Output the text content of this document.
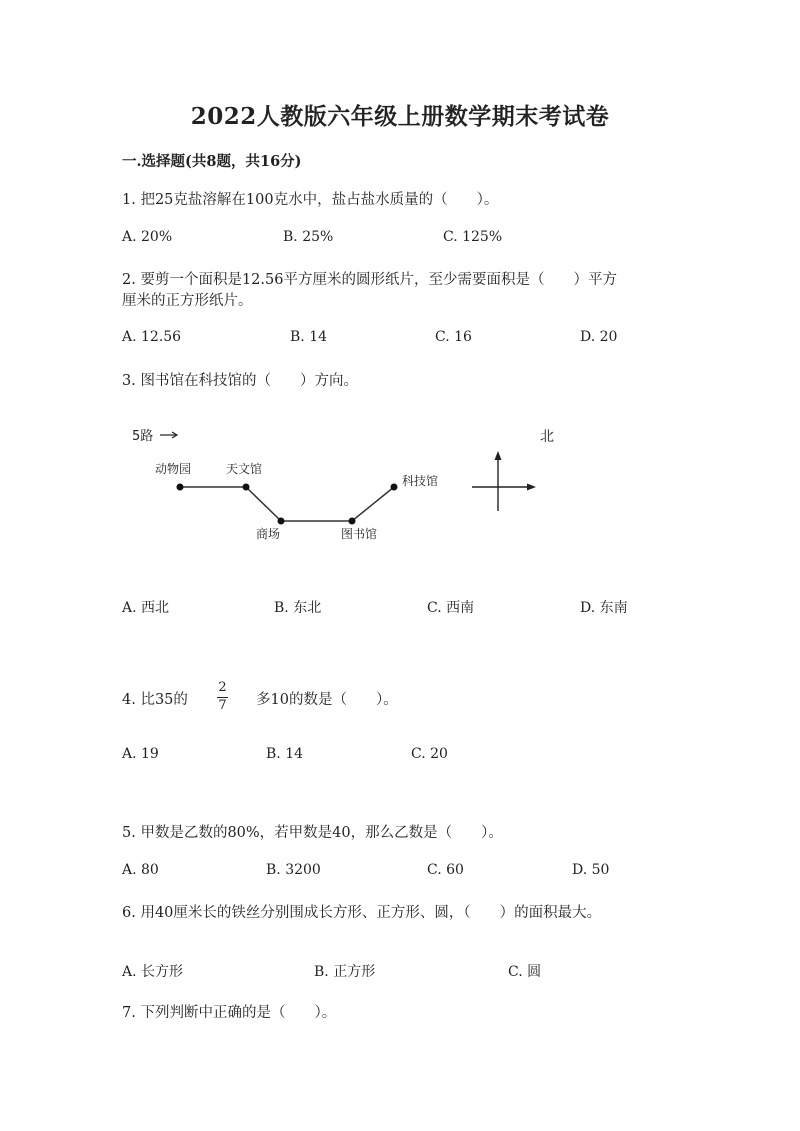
2022人教版六年级上册数学期末考试卷
一.选择题(共8题，共16分)
1. 把25克盐溶解在100克水中，盐占盐水质量的（　　）。
A. 20%	B. 25%	C. 125%
2. 要剪一个面积是12.56平方厘米的圆形纸片，至少需要面积是（　　）平方
厘米的正方形纸片。
A. 12.56	B. 14	C. 16	D. 20
3. 图书馆在科技馆的（　　）方向。
5路
动物园	天文馆
商场	图书馆
科技馆
北
A. 西北	B. 东北	C. 西南	D. 东南
4. 比35的
2
7 多10的数是（　　）。
A. 19	B. 14	C. 20
5. 甲数是乙数的80%，若甲数是40，那么乙数是（　　）。
A. 80	B. 3200	C. 60	D. 50
6. 用40厘米长的铁丝分别围成长方形、正方形、圆，（　　）的面积最大。
A. 长方形	B. 正方形	C. 圆
7. 下列判断中正确的是（　　）。
